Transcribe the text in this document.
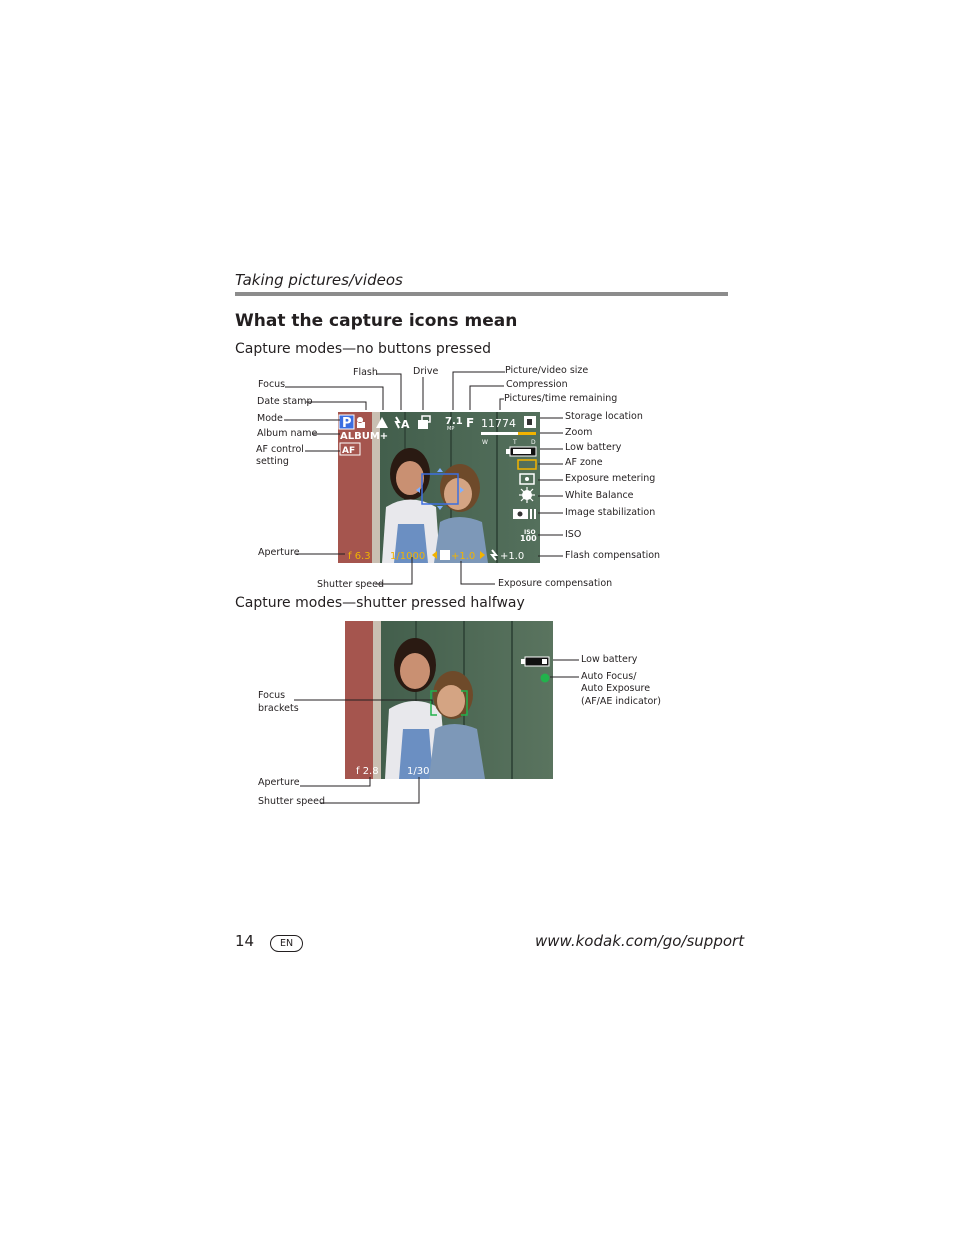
Taking pictures/videos
What the capture icons mean
Capture modes—no buttons pressed
Capture modes—shutter pressed halfway
P	A	7.1
MP F 11774
ALBUM+
AF
W	T D
ISO
100
f 6.3 1/1000	+1.0 +1.0
Flash	Drive	Picture/video size
Compression
Pictures/time remaining
Focus
Date stamp
Mode
Album name
AF control
setting
Storage location
Zoom
Low battery
AF zone
Exposure metering
White Balance
Image stabilization
ISO
Flash compensation
Aperture
Shutter speed	Exposure compensation
f 2.8	1/30
Low battery
Auto Focus/
Auto Exposure
(AF/AE indicator)
Focus
brackets
Aperture
Shutter speed
14	EN	www.kodak.com/go/support
